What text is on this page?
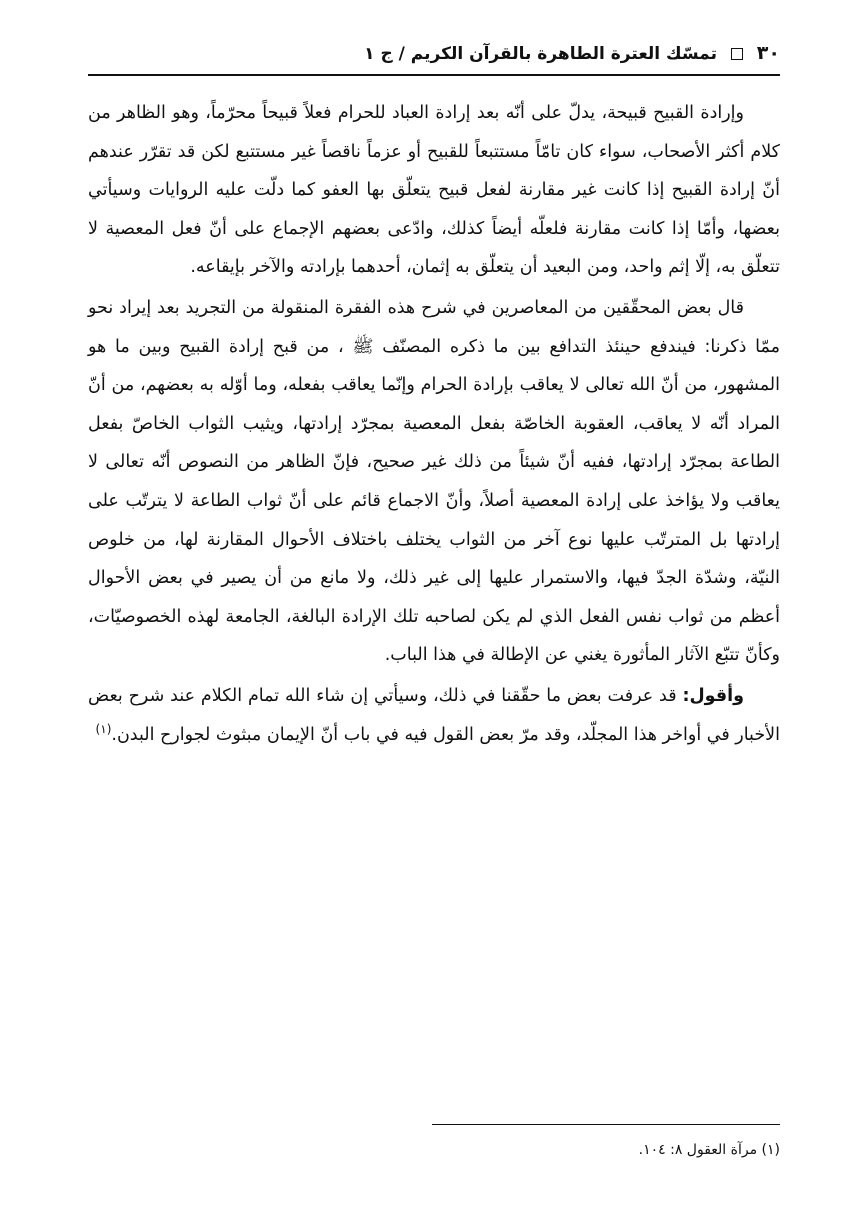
٣٠  تمسّك العترة الطاهرة بالقرآن الكريم / ج ١

وإرادة القبيح قبيحة، يدلّ على أنّه بعد إرادة العباد للحرام فعلاً قبيحاً محرّماً، وهو الظاهر من كلام أكثر الأصحاب، سواء كان تامّاً مستتبعاً للقبيح أو عزماً ناقصاً غير مستتبع لكن قد تقرّر عندهم أنّ إرادة القبيح إذا كانت غير مقارنة لفعل قبيح يتعلّق بها العفو كما دلّت عليه الروايات وسيأتي بعضها، وأمّا إذا كانت مقارنة فلعلّه أيضاً كذلك، وادّعى بعضهم الإجماع على أنّ فعل المعصية لا تتعلّق به، إلّا إثم واحد، ومن البعيد أن يتعلّق به إثمان، أحدهما بإرادته والآخر بإيقاعه.

قال بعض المحقّقين من المعاصرين في شرح هذه الفقرة المنقولة من التجريد بعد إيراد نحو ممّا ذكرنا: فيندفع حينئذ التدافع بين ما ذكره المصنّف ﷺ ، من قبح إرادة القبيح وبين ما هو المشهور، من أنّ الله تعالى لا يعاقب بإرادة الحرام وإنّما يعاقب بفعله، وما أوّله به بعضهم، من أنّ المراد أنّه لا يعاقب، العقوبة الخاصّة بفعل المعصية بمجرّد إرادتها، ويثيب الثواب الخاصّ بفعل الطاعة بمجرّد إرادتها، ففيه أنّ شيئاً من ذلك غير صحيح، فإنّ الظاهر من النصوص أنّه تعالى لا يعاقب ولا يؤاخذ على إرادة المعصية أصلاً، وأنّ الاجماع قائم على أنّ ثواب الطاعة لا يترتّب على إرادتها بل المترتّب عليها نوع آخر من الثواب يختلف باختلاف الأحوال المقارنة لها، من خلوص النيّة، وشدّة الجدّ فيها، والاستمرار عليها إلى غير ذلك، ولا مانع من أن يصير في بعض الأحوال أعظم من ثواب نفس الفعل الذي لم يكن لصاحبه تلك الإرادة البالغة، الجامعة لهذه الخصوصيّات، وكأنّ تتبّع الآثار المأثورة يغني عن الإطالة في هذا الباب.

وأقول: قد عرفت بعض ما حقّقنا في ذلك، وسيأتي إن شاء الله تمام الكلام عند شرح بعض الأخبار في أواخر هذا المجلّد، وقد مرّ بعض القول فيه في باب أنّ الإيمان مبثوث لجوارح البدن.$^{(١)}$

(١) مرآة العقول ٨: ١٠٤.
